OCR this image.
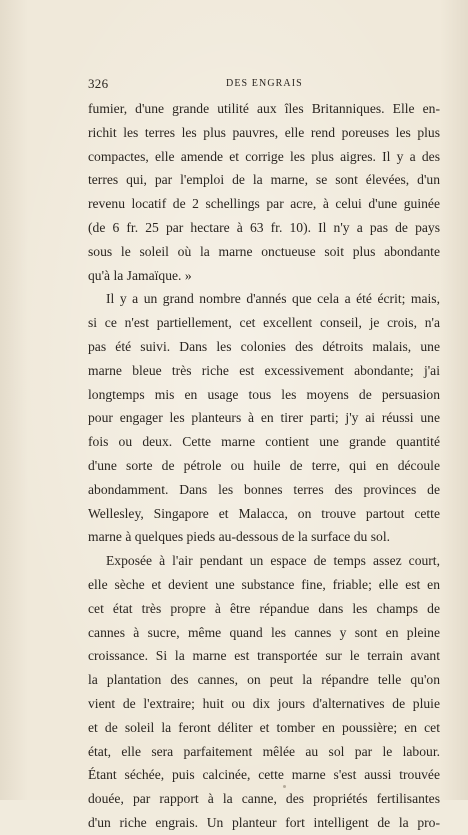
326	DES ENGRAIS
fumier, d'une grande utilité aux îles Britanniques. Elle en-
richit les terres les plus pauvres, elle rend poreuses les plus
compactes, elle amende et corrige les plus aigres. Il y a des
terres qui, par l'emploi de la marne, se sont élevées, d'un
revenu locatif de 2 schellings par acre, à celui d'une guinée
(de 6 fr. 25 par hectare à 63 fr. 10). Il n'y a pas de pays
sous le soleil où la marne onctueuse soit plus abondante
qu'à la Jamaïque. »
Il y a un grand nombre d'annés que cela a été écrit; mais,
si ce n'est partiellement, cet excellent conseil, je crois, n'a
pas été suivi. Dans les colonies des détroits malais, une
marne bleue très riche est excessivement abondante; j'ai
longtemps mis en usage tous les moyens de persuasion
pour engager les planteurs à en tirer parti; j'y ai réussi une
fois ou deux. Cette marne contient une grande quantité
d'une sorte de pétrole ou huile de terre, qui en découle
abondamment. Dans les bonnes terres des provinces de
Wellesley, Singapore et Malacca, on trouve partout cette
marne à quelques pieds au-dessous de la surface du sol.
Exposée à l'air pendant un espace de temps assez court,
elle sèche et devient une substance fine, friable; elle est en
cet état très propre à être répandue dans les champs de
cannes à sucre, même quand les cannes y sont en pleine
croissance. Si la marne est transportée sur le terrain avant
la plantation des cannes, on peut la répandre telle qu'on
vient de l'extraire; huit ou dix jours d'alternatives de pluie
et de soleil la feront déliter et tomber en poussière; en cet
état, elle sera parfaitement mêlée au sol par le labour.
Étant séchée, puis calcinée, cette marne s'est aussi trouvée
douée, par rapport à la canne, des propriétés fertilisantes
d'un riche engrais. Un planteur fort intelligent de la pro-
